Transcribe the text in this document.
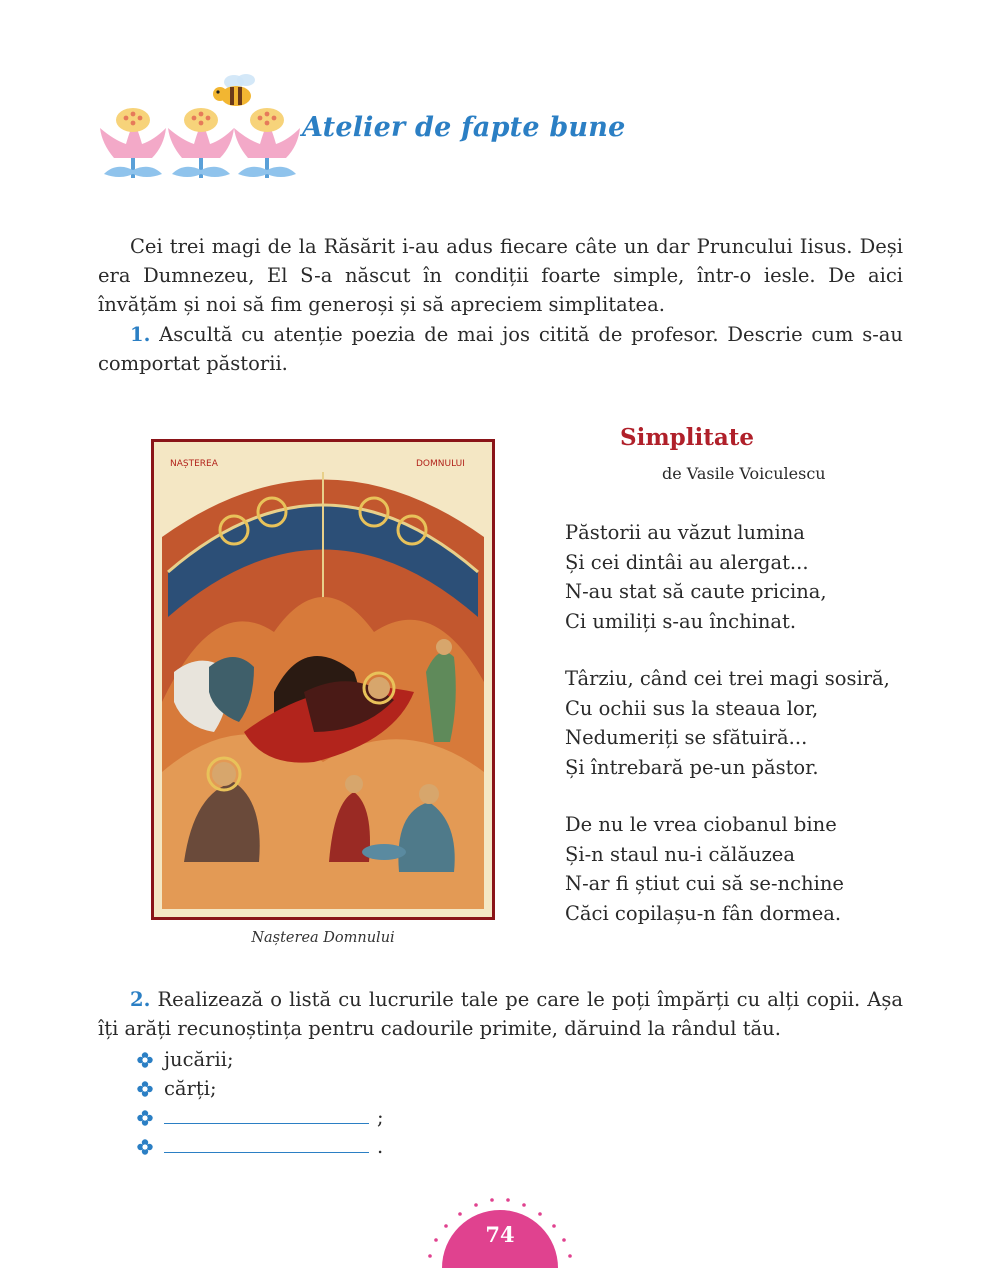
Atelier de fapte bune

Cei trei magi de la Răsărit i-au adus fiecare câte un dar Pruncului Iisus. Deși era Dumnezeu, El S-a născut în condiții foarte simple, într-o iesle. De aici învățăm și noi să fim generoși și să apreciem simplitatea.

1. Ascultă cu atenție poezia de mai jos citită de profesor. Descrie cum s-au comportat păstorii.

NAȘTEREA	DOMNULUI
Nașterea Domnului
Simplitate
de Vasile Voiculescu
Păstorii au văzut lumina
Și cei dintâi au alergat...
N-au stat să caute pricina,
Ci umiliți s-au închinat.
Târziu, când cei trei magi sosiră,
Cu ochii sus la steaua lor,
Nedumeriți se sfătuiră...
Și întrebară pe-un păstor.
De nu le vrea ciobanul bine
Și-n staul nu-i călăuzea
N-ar fi știut cui să se-nchine
Căci copilașu-n fân dormea.

2. Realizează o listă cu lucrurile tale pe care le poți împărți cu alți copii. Așa îți arăți recunoștința pentru cadourile primite, dăruind la rândul tău.

jucării;
cărți;
;
.
74
